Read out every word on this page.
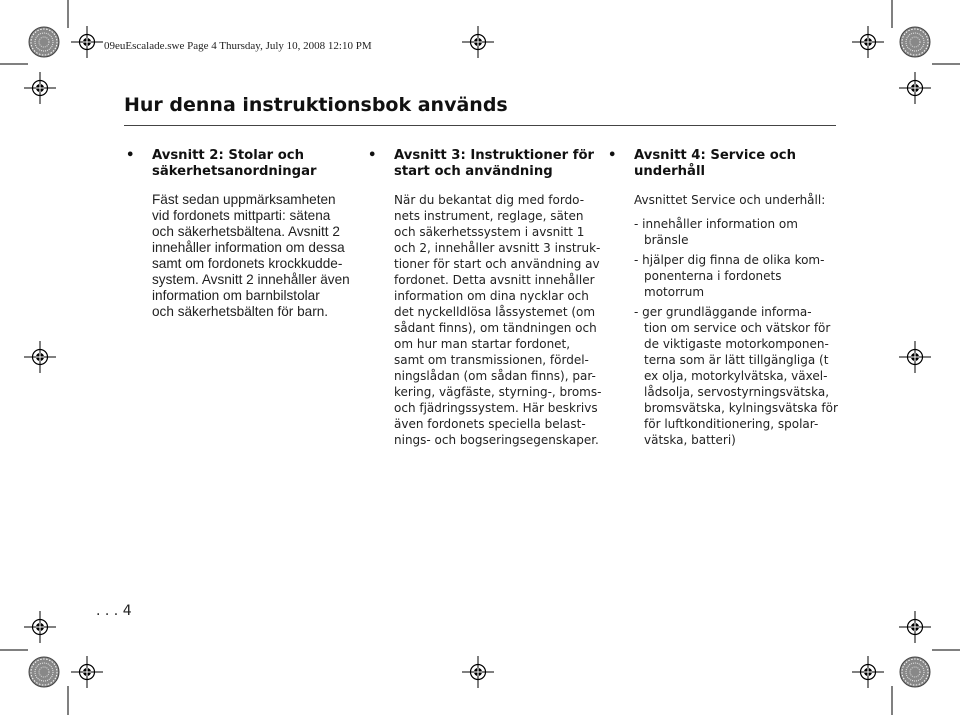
09euEscalade.swe Page 4 Thursday, July 10, 2008 12:10 PM
Hur denna instruktionsbok används
• Avsnitt 2: Stolar och
säkerhetsanordningar
Fäst sedan uppmärksamheten
vid fordonets mittparti: sätena
och säkerhetsbältena. Avsnitt 2
innehåller information om dessa
samt om fordonets krockkudde-
system. Avsnitt 2 innehåller även
information om barnbilstolar
och säkerhetsbälten för barn.
• Avsnitt 3: Instruktioner för
start och användning
När du bekantat dig med fordo-
nets instrument, reglage, säten
och säkerhetssystem i avsnitt 1
och 2, innehåller avsnitt 3 instruk-
tioner för start och användning av
fordonet. Detta avsnitt innehåller
information om dina nycklar och
det nyckelldlösa låssystemet (om
sådant finns), om tändningen och
om hur man startar fordonet,
samt om transmissionen, fördel-
ningslådan (om sådan finns), par-
kering, vägfäste, styrning-, broms-
och fjädringssystem. Här beskrivs
även fordonets speciella belast-
nings- och bogseringsegenskaper.
• Avsnitt 4: Service och
underhåll
Avsnittet Service och underhåll:
- innehåller information om
bränsle
- hjälper dig finna de olika kom-
ponenterna i fordonets
motorrum
- ger grundläggande informa-
tion om service och vätskor för
de viktigaste motorkomponen-
terna som är lätt tillgängliga (t
ex olja, motorkylvätska, växel-
lådsolja, servostyrningsvätska,
bromsvätska, kylningsvätska för
för luftkonditionering, spolar-
vätska, batteri)
. . . 4
